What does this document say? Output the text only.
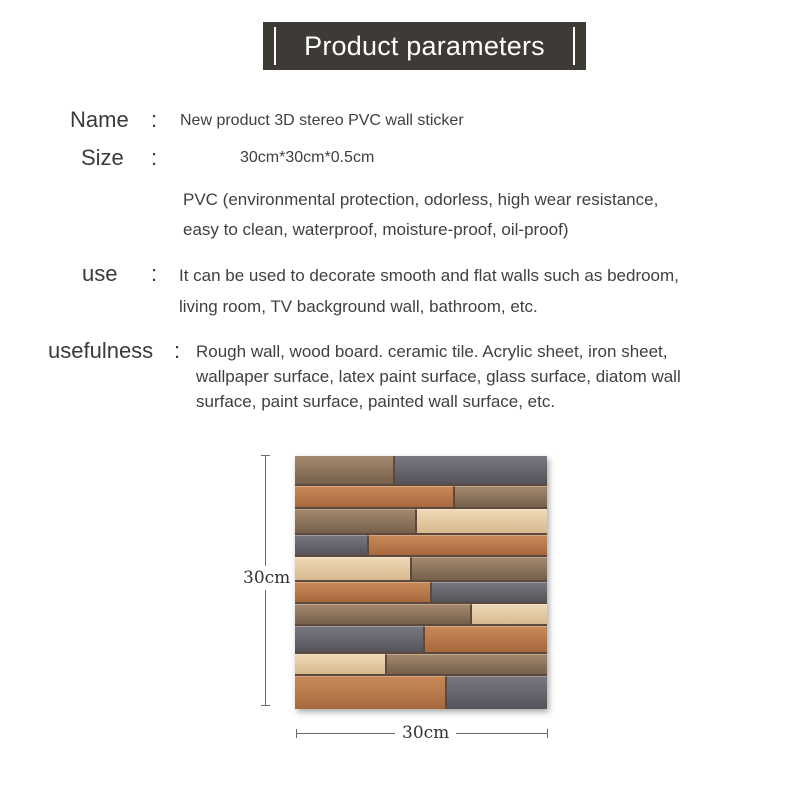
Product parameters
Name : New product 3D stereo PVC wall sticker
Size :	30cm*30cm*0.5cm
PVC (environmental protection, odorless, high wear resistance,
easy to clean, waterproof, moisture-proof, oil-proof)
use : It can be used to decorate smooth and flat walls such as bedroom,
living room, TV background wall, bathroom, etc.
usefulness : Rough wall, wood board. ceramic tile. Acrylic sheet, iron sheet,
wallpaper surface, latex paint surface, glass surface, diatom wall
surface, paint surface, painted wall surface, etc.
30cm
30cm
